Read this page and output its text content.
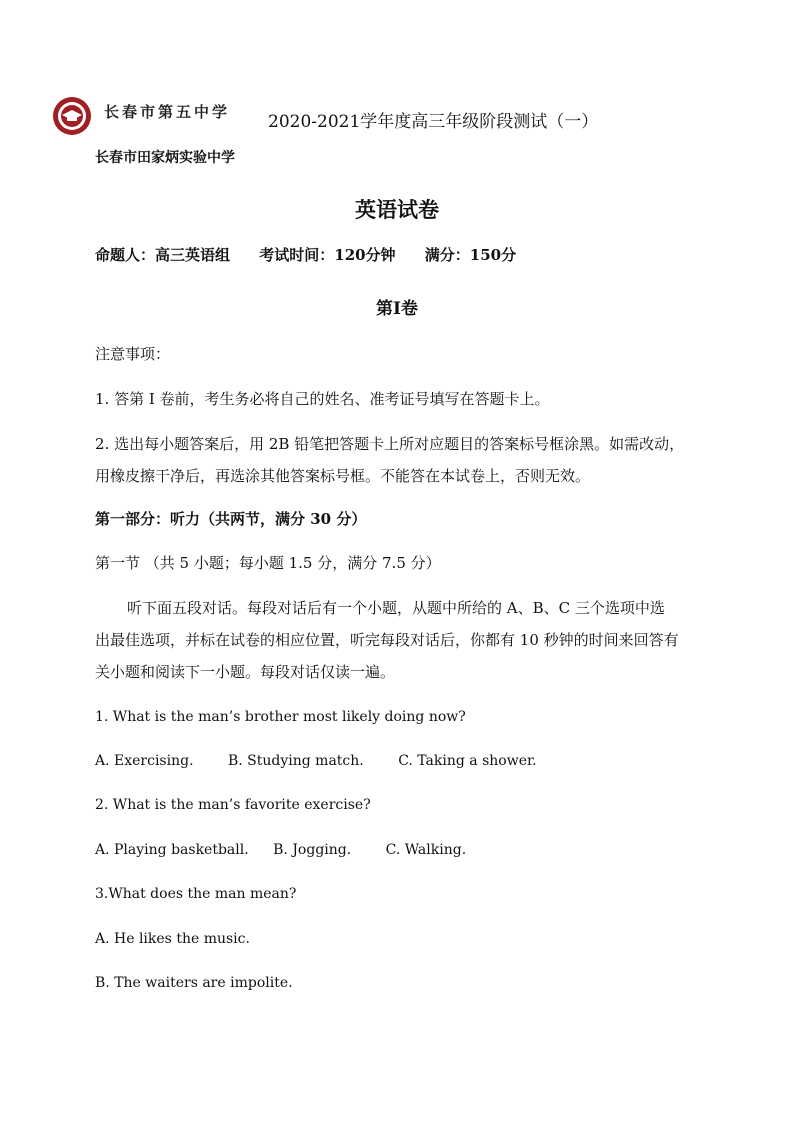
长春市第五中学 2020-2021学年度高三年级阶段测试（一）
长春市田家炳实验中学
英语试卷
命题人：高三英语组 考试时间：120分钟 满分：150分
第I卷
注意事项：
1. 答第 I 卷前，考生务必将自己的姓名、准考证号填写在答题卡上。
2. 选出每小题答案后，用 2B 铅笔把答题卡上所对应题目的答案标号框涂黑。如需改动，
用橡皮擦干净后，再选涂其他答案标号框。不能答在本试卷上，否则无效。
第一部分：听力（共两节，满分 30 分）
第一节 （共 5 小题；每小题 1.5 分，满分 7.5 分）
听下面五段对话。每段对话后有一个小题，从题中所给的 A、B、C 三个选项中选
出最佳选项，并标在试卷的相应位置，听完每段对话后，你都有 10 秒钟的时间来回答有
关小题和阅读下一小题。每段对话仅读一遍。
1. What is the man’s brother most likely doing now?
A. Exercising. B. Studying match. C. Taking a shower.
2. What is the man’s favorite exercise?
A. Playing basketball. B. Jogging. C. Walking.
3.What does the man mean?
A. He likes the music.
B. The waiters are impolite.
